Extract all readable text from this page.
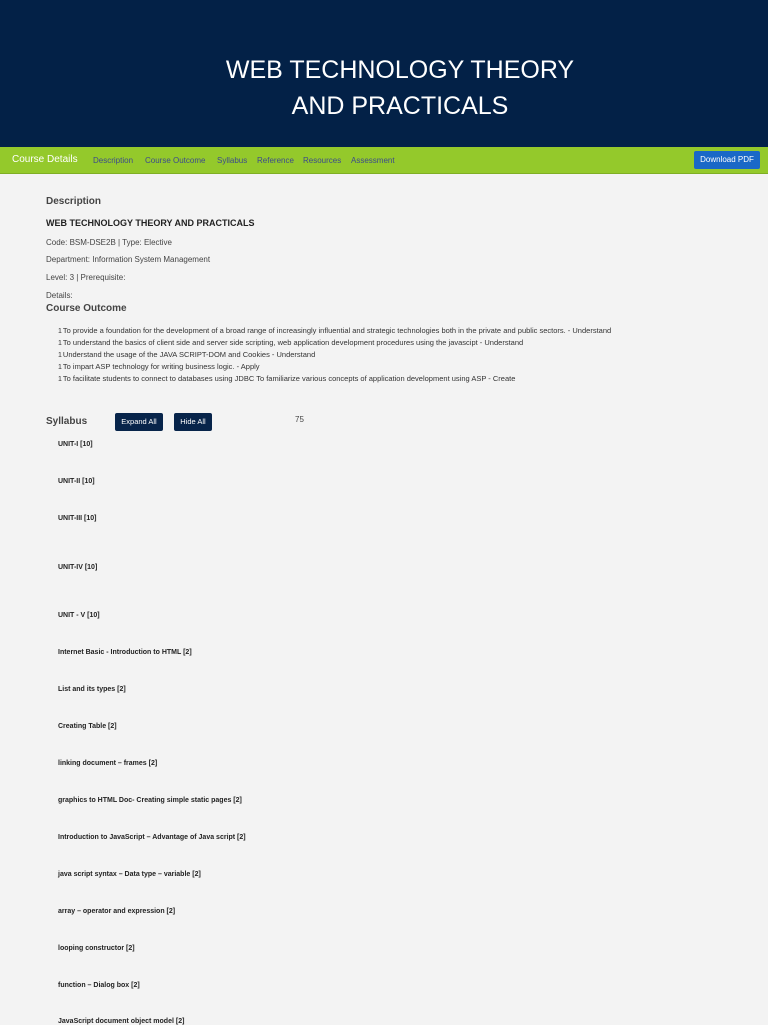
WEB TECHNOLOGY THEORY AND PRACTICALS
Course Details Description Course Outcome Syllabus Reference Resources Assessment	Download PDF
Description
WEB TECHNOLOGY THEORY AND PRACTICALS
Code: BSM-DSE2B | Type: Elective
Department: Information System Management
Level: 3 | Prerequisite:
Details:
Course Outcome
1To provide a foundation for the development of a broad range of increasingly influential and strategic technologies both in the private and public sectors. - Understand
1To understand the basics of client side and server side scripting, web application development procedures using the javascipt - Understand
1Understand the usage of the JAVA SCRIPT-DOM and Cookies - Understand
1To impart ASP technology for writing business logic. - Apply
1To facilitate students to connect to databases using JDBC To familiarize various concepts of application development using ASP - Create
Syllabus	Expand All	Hide All	75
UNIT-I [10]
UNIT-II [10]
UNIT-III [10]
UNIT-IV [10]
UNIT - V [10]
Internet Basic - Introduction to HTML [2]
List and its types [2]
Creating Table [2]
linking document – frames [2]
graphics to HTML Doc- Creating simple static pages [2]
Introduction to JavaScript – Advantage of Java script [2]
java script syntax – Data type – variable [2]
array – operator and expression [2]
looping constructor [2]
function – Dialog box [2]
JavaScript document object model [2]
